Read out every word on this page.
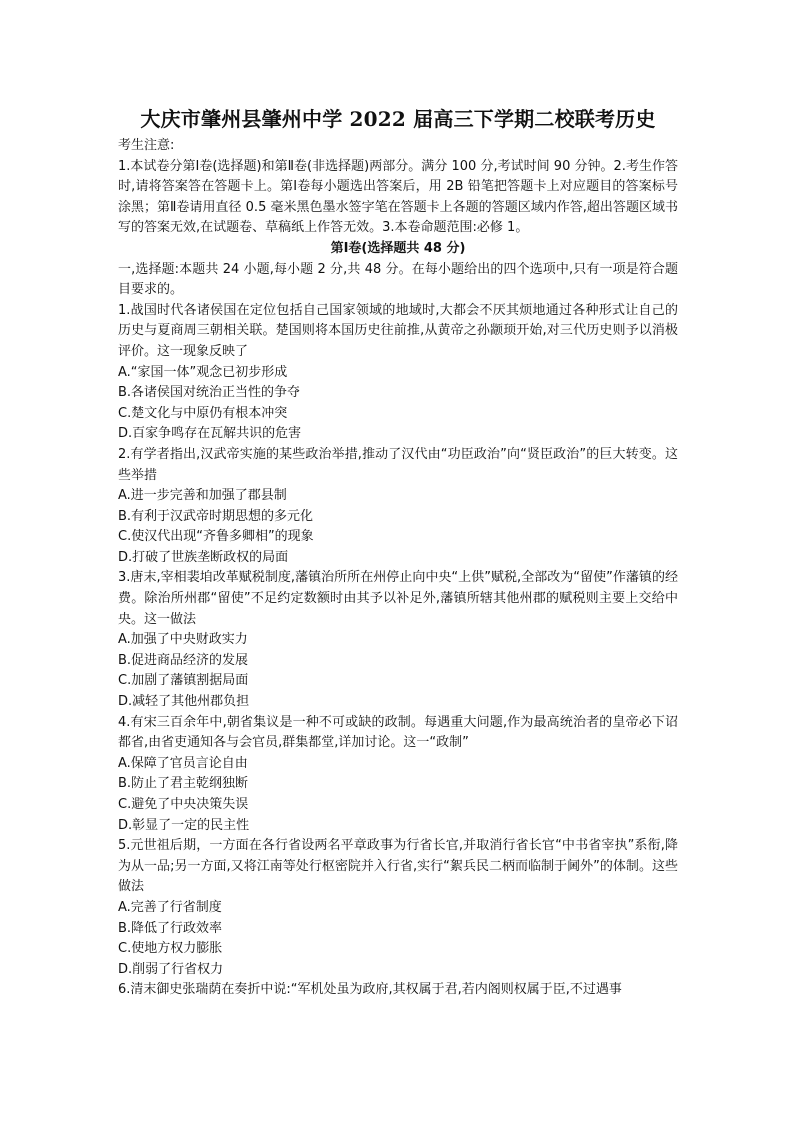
大庆市肇州县肇州中学 2022 届高三下学期二校联考历史
考生注意:
1.本试卷分第Ⅰ卷(选择题)和第Ⅱ卷(非选择题)两部分。满分 100 分,考试时间 90 分钟。2.考生作答时,请将答案答在答题卡上。第Ⅰ卷每小题选出答案后，用 2B 铅笔把答题卡上对应题目的答案标号涂黑；第Ⅱ卷请用直径 0.5 毫米黑色墨水签字笔在答题卡上各题的答题区域内作答,超出答题区域书写的答案无效,在试题卷、草稿纸上作答无效。3.本卷命题范围:必修 1。
第Ⅰ卷(选择题共 48 分)
一,选择题:本题共 24 小题,每小题 2 分,共 48 分。在每小题给出的四个选项中,只有一项是符合题目要求的。
1.战国时代各诸侯国在定位包括自己国家领域的地域时,大都会不厌其烦地通过各种形式让自己的历史与夏商周三朝相关联。楚国则将本国历史往前推,从黄帝之孙颛顼开始,对三代历史则予以消极评价。这一现象反映了
A.“家国一体”观念已初步形成
B.各诸侯国对统治正当性的争夺
C.楚文化与中原仍有根本冲突
D.百家争鸣存在瓦解共识的危害
2.有学者指出,汉武帝实施的某些政治举措,推动了汉代由“功臣政治”向“贤臣政治”的巨大转变。这些举措
A.进一步完善和加强了郡县制
B.有利于汉武帝时期思想的多元化
C.使汉代出现“齐鲁多卿相”的现象
D.打破了世族垄断政权的局面
3.唐末,宰相裴垍改革赋税制度,藩镇治所所在州停止向中央“上供”赋税,全部改为“留使”作藩镇的经费。除治所州郡“留使”不足约定数额时由其予以补足外,藩镇所辖其他州郡的赋税则主要上交给中央。这一做法
A.加强了中央财政实力
B.促进商品经济的发展
C.加剧了藩镇割据局面
D.减轻了其他州郡负担
4.有宋三百余年中,朝省集议是一种不可或缺的政制。每遇重大问题,作为最高统治者的皇帝必下诏都省,由省吏通知各与会官员,群集都堂,详加讨论。这一“政制”
A.保障了官员言论自由
B.防止了君主乾纲独断
C.避免了中央决策失误
D.彰显了一定的民主性
5.元世祖后期，一方面在各行省设两名平章政事为行省长官,并取消行省长官“中书省宰执”系衔,降为从一品;另一方面,又将江南等处行枢密院并入行省,实行“絮兵民二柄而临制于阃外”的体制。这些做法
A.完善了行省制度
B.降低了行政效率
C.使地方权力膨胀
D.削弱了行省权力
6.清末御史张瑞荫在奏折中说:“军机处虽为政府,其权属于君,若内阁则权属于臣,不过遇事
